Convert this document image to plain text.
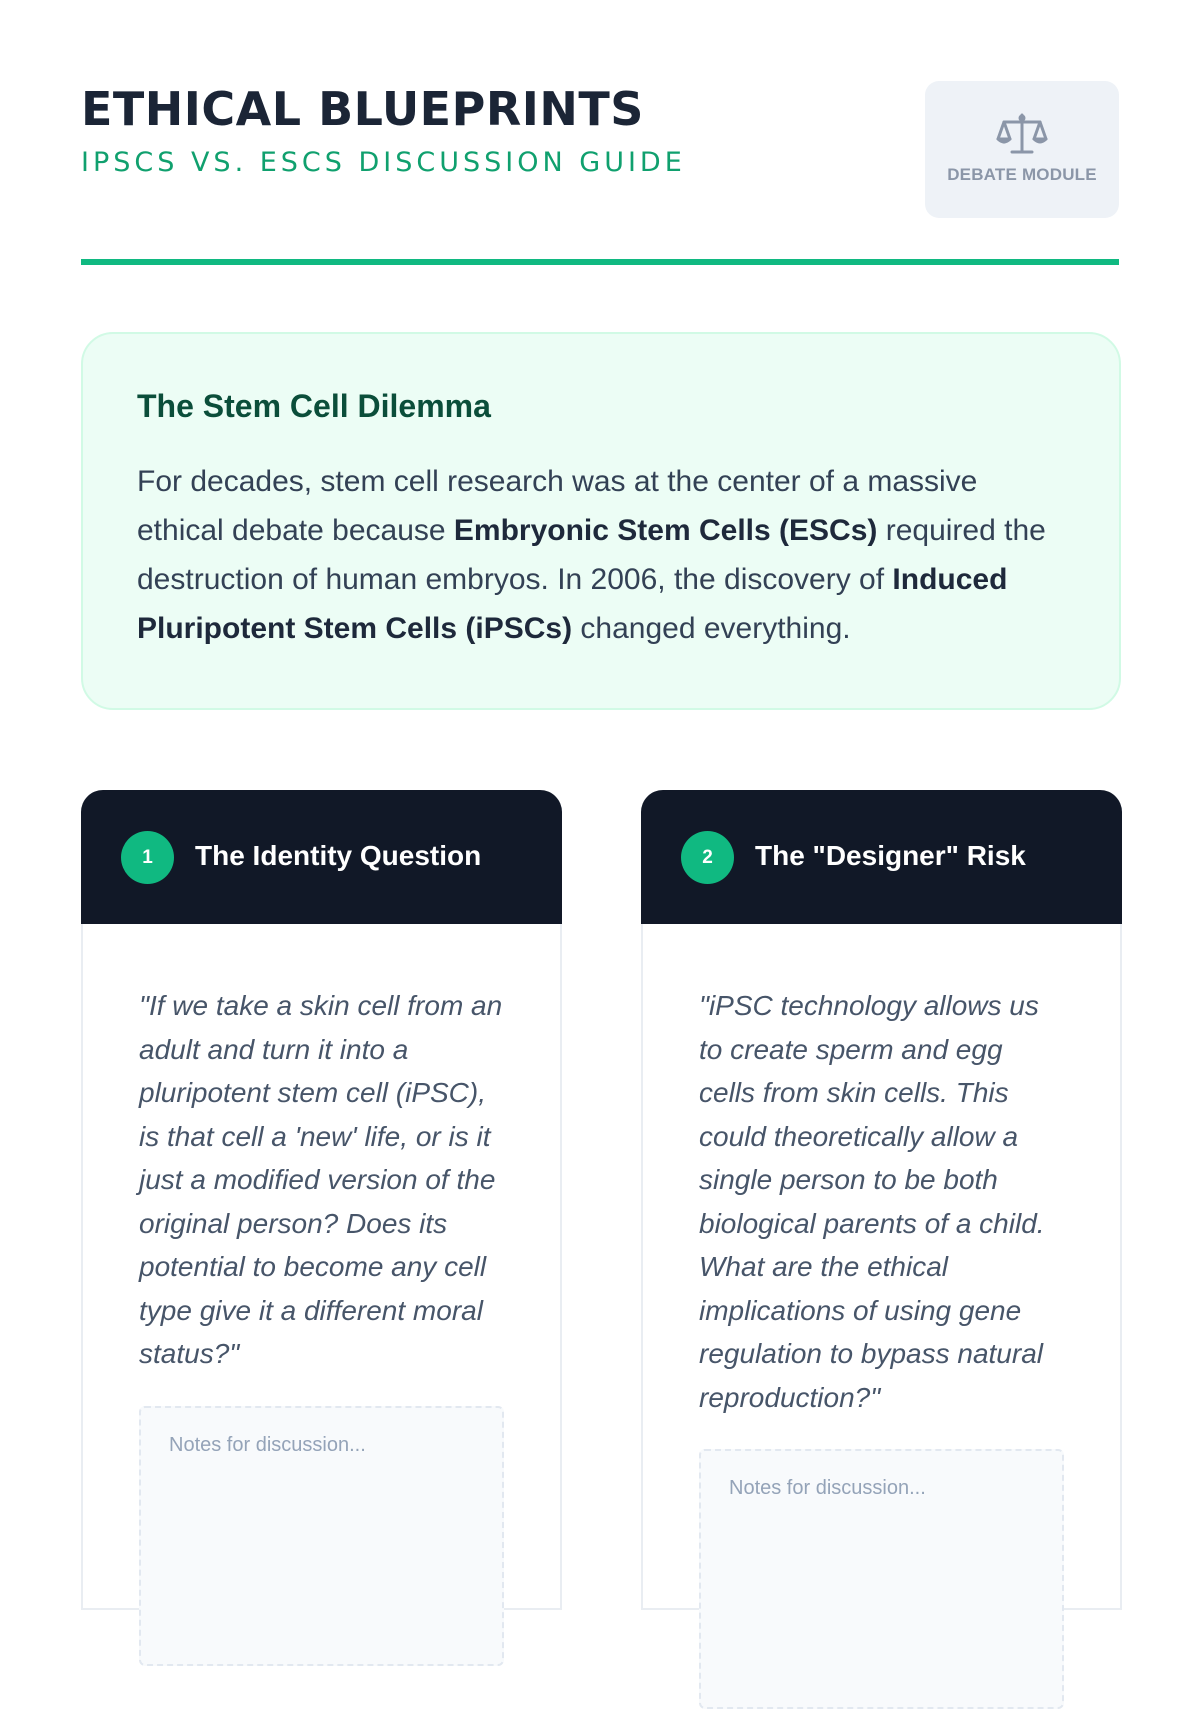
ETHICAL BLUEPRINTS
IPSCS VS. ESCS DISCUSSION GUIDE	DEBATE MODULE
The Stem Cell Dilemma

For decades, stem cell research was at the center of a massive ethical debate because Embryonic Stem Cells (ESCs) required the destruction of human embryos. In 2006, the discovery of Induced Pluripotent Stem Cells (iPSCs) changed everything.

1	The Identity Question
"If we take a skin cell from an adult and turn it into a pluripotent stem cell (iPSC), is that cell a 'new' life, or is it just a modified version of the original person? Does its potential to become any cell type give it a different moral status?"
Notes for discussion...
2	The "Designer" Risk
"iPSC technology allows us to create sperm and egg cells from skin cells. This could theoretically allow a single person to be both biological parents of a child. What are the ethical implications of using gene regulation to bypass natural reproduction?"
Notes for discussion...
